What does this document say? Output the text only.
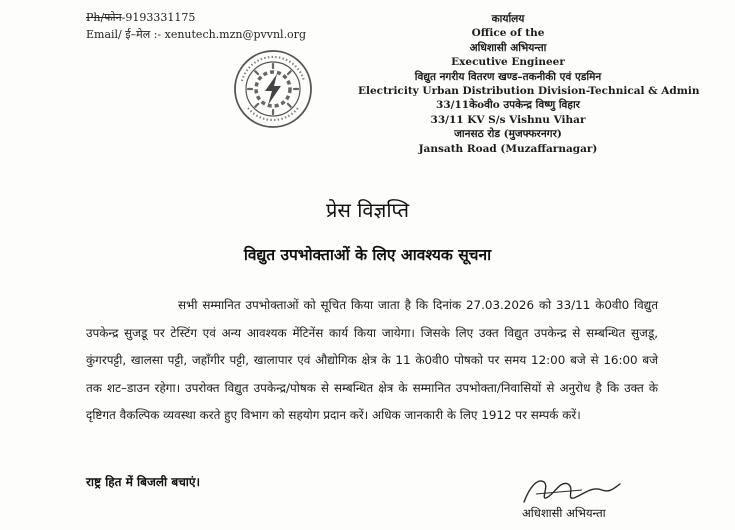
Ph/फोन-9193331175
Email/ ई–मेल :- xenutech.mzn@pvvnl.org
कार्यालय
Office of the
अधिशासी अभियन्ता
Executive Engineer
विद्युत नगरीय वितरण खण्ड–तकनीकी एवं एडमिन
Electricity Urban Distribution Division-Technical & Admin
33/11केoवीo उपकेन्द्र विष्णु विहार
33/11 KV S/s Vishnu Vihar
जानसठ रोड (मुजफ्फरनगर)
Jansath Road (Muzaffarnagar)
प्रेस विज्ञप्ति
विद्युत उपभोक्ताओं के लिए आवश्यक सूचना

सभी सम्मानित उपभोक्ताओं को सूचित किया जाता है कि दिनांक 27.03.2026 को 33/11 के0वी0 विद्युत उपकेन्द्र सुजडू पर टेस्टिंग एवं अन्य आवश्यक मेंटिनेंस कार्य किया जायेगा। जिसके लिए उक्त विद्युत उपकेन्द्र से सम्बन्धित सुजडू, कुंगरपट्टी, खालसा पट्टी, जहाँगीर पट्टी, खालापार एवं औद्योगिक क्षेत्र के 11 के0वी0 पोषको पर समय 12:00 बजे से 16:00 बजे तक शट–डाउन रहेगा। उपरोक्त विद्युत उपकेन्द्र/पोषक से सम्बन्धित क्षेत्र के सम्मानित उपभोक्ता/निवासियों से अनुरोध है कि उक्त के दृष्टिगत वैकल्पिक व्यवस्था करते हुए विभाग को सहयोग प्रदान करें। अधिक जानकारी के लिए 1912 पर सम्पर्क करें।

राष्ट्र हित में बिजली बचाएं।
अधिशासी अभियन्ता
